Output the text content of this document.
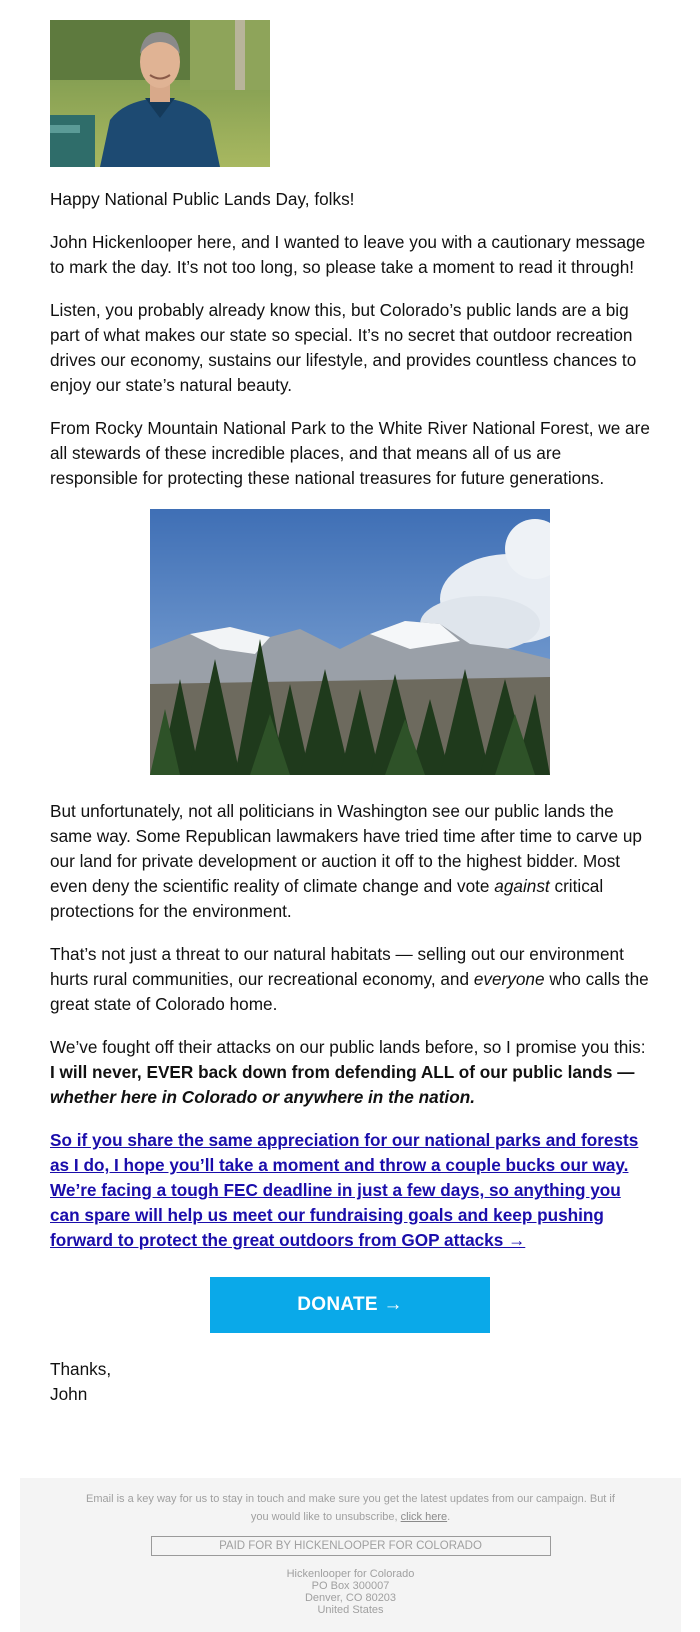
Happy National Public Lands Day, folks!

John Hickenlooper here, and I wanted to leave you with a cautionary message to mark the day. It’s not too long, so please take a moment to read it through!

Listen, you probably already know this, but Colorado’s public lands are a big part of what makes our state so special. It’s no secret that outdoor recreation drives our economy, sustains our lifestyle, and provides countless chances to enjoy our state’s natural beauty.

From Rocky Mountain National Park to the White River National Forest, we are all stewards of these incredible places, and that means all of us are responsible for protecting these national treasures for future generations.

But unfortunately, not all politicians in Washington see our public lands the same way. Some Republican lawmakers have tried time after time to carve up our land for private development or auction it off to the highest bidder. Most even deny the scientific reality of climate change and vote against critical protections for the environment.

That’s not just a threat to our natural habitats — selling out our environment hurts rural communities, our recreational economy, and everyone who calls the great state of Colorado home.

We’ve fought off their attacks on our public lands before, so I promise you this: I will never, EVER back down from defending ALL of our public lands — whether here in Colorado or anywhere in the nation.

So if you share the same appreciation for our national parks and forests as I do, I hope you’ll take a moment and throw a couple bucks our way. We’re facing a tough FEC deadline in just a few days, so anything you can spare will help us meet our fundraising goals and keep pushing forward to protect the great outdoors from GOP attacks →

DONATE →

Thanks,

John

Email is a key way for us to stay in touch and make sure you get the latest updates from our campaign. But if you would like to unsubscribe, click here.
PAID FOR BY HICKENLOOPER FOR COLORADO
Hickenlooper for Colorado
PO Box 300007
Denver, CO 80203
United States
